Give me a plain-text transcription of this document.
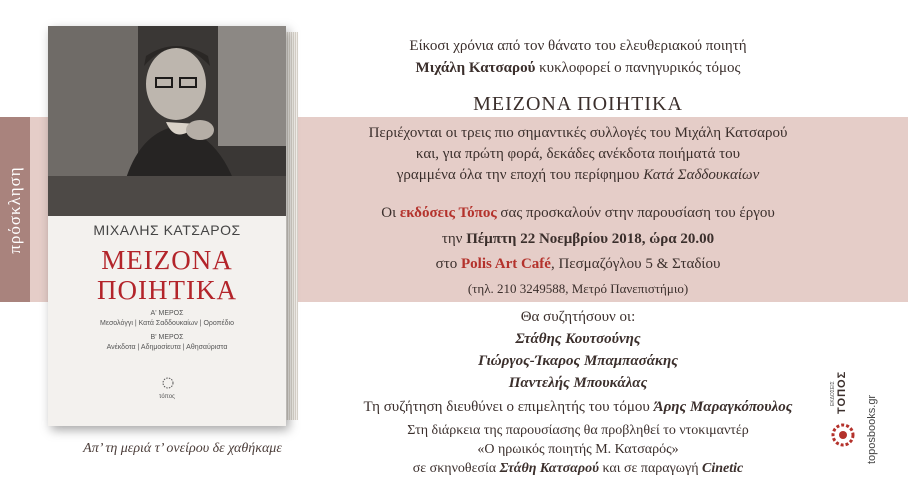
πρόσκληση	ΜΙΧΑΛΗΣ ΚΑΤΣΑΡΟΣ
ΜΕΙΖΟΝΑ
ΠΟΙΗΤΙΚΑ
Α' ΜΕΡΟΣ
Μεσολόγγι | Κατά Σαδδουκαίων | Οροπέδιο
Β' ΜΕΡΟΣ
Ανέκδοτα | Αδημοσίευτα | Αθησαύριστα
τόπος
Απ’ τη μεριά τ’ ονείρου δε χαθήκαμε
Είκοσι χρόνια από τον θάνατο του ελευθεριακού ποιητή
Μιχάλη Κατσαρού κυκλοφορεί ο πανηγυρικός τόμος
ΜΕΙΖΟΝΑ ΠΟΙΗΤΙΚΑ
Περιέχονται οι τρεις πιο σημαντικές συλλογές του Μιχάλη Κατσαρού
και, για πρώτη φορά, δεκάδες ανέκδοτα ποιήματά του
γραμμένα όλα την εποχή του περίφημου Κατά Σαδδουκαίων
Οι εκδόσεις Τόπος σας προσκαλούν στην παρουσίαση του έργου
την Πέμπτη 22 Νοεμβρίου 2018, ώρα 20.00
στο Polis Art Café, Πεσμαζόγλου 5 & Σταδίου
(τηλ. 210 3249588, Μετρό Πανεπιστήμιο)
Θα συζητήσουν οι:
Στάθης Κουτσούνης
Γιώργος-Ίκαρος Μπαμπασάκης
Παντελής Μπουκάλας
Τη συζήτηση διευθύνει ο επιμελητής του τόμου Άρης Μαραγκόπουλος
Στη διάρκεια της παρουσίασης θα προβληθεί το ντοκιμαντέρ
«Ο ηρωικός ποιητής Μ. Κατσαρός»
σε σκηνοθεσία Στάθη Κατσαρού και σε παραγωγή Cinetic
ΕΚΔΟΣΕΙΣ ΤΟΠΟΣ
toposbooks.gr
